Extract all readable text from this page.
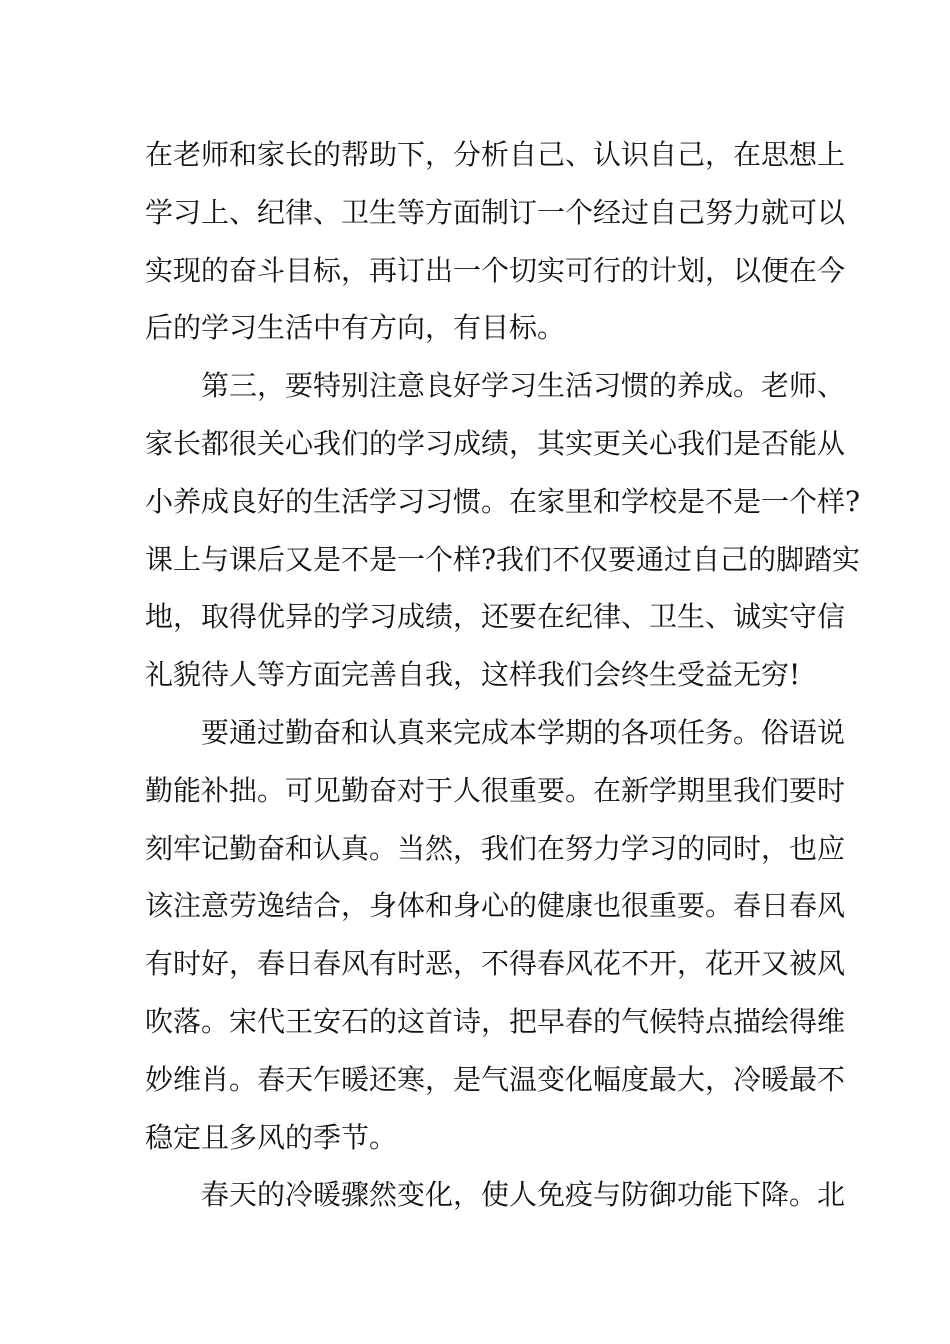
在老师和家长的帮助下，分析自己、认识自己，在思想上
学习上、纪律、卫生等方面制订一个经过自己努力就可以
实现的奋斗目标，再订出一个切实可行的计划，以便在今
后的学习生活中有方向，有目标。
第三，要特别注意良好学习生活习惯的养成。老师、
家长都很关心我们的学习成绩，其实更关心我们是否能从
小养成良好的生活学习习惯。在家里和学校是不是一个样?
课上与课后又是不是一个样?我们不仅要通过自己的脚踏实
地，取得优异的学习成绩，还要在纪律、卫生、诚实守信
礼貌待人等方面完善自我，这样我们会终生受益无穷!
要通过勤奋和认真来完成本学期的各项任务。俗语说
勤能补拙。可见勤奋对于人很重要。在新学期里我们要时
刻牢记勤奋和认真。当然，我们在努力学习的同时，也应
该注意劳逸结合，身体和身心的健康也很重要。春日春风
有时好，春日春风有时恶，不得春风花不开，花开又被风
吹落。宋代王安石的这首诗，把早春的气候特点描绘得维
妙维肖。春天乍暖还寒，是气温变化幅度最大，冷暖最不
稳定且多风的季节。
春天的冷暖骤然变化，使人免疫与防御功能下降。北
